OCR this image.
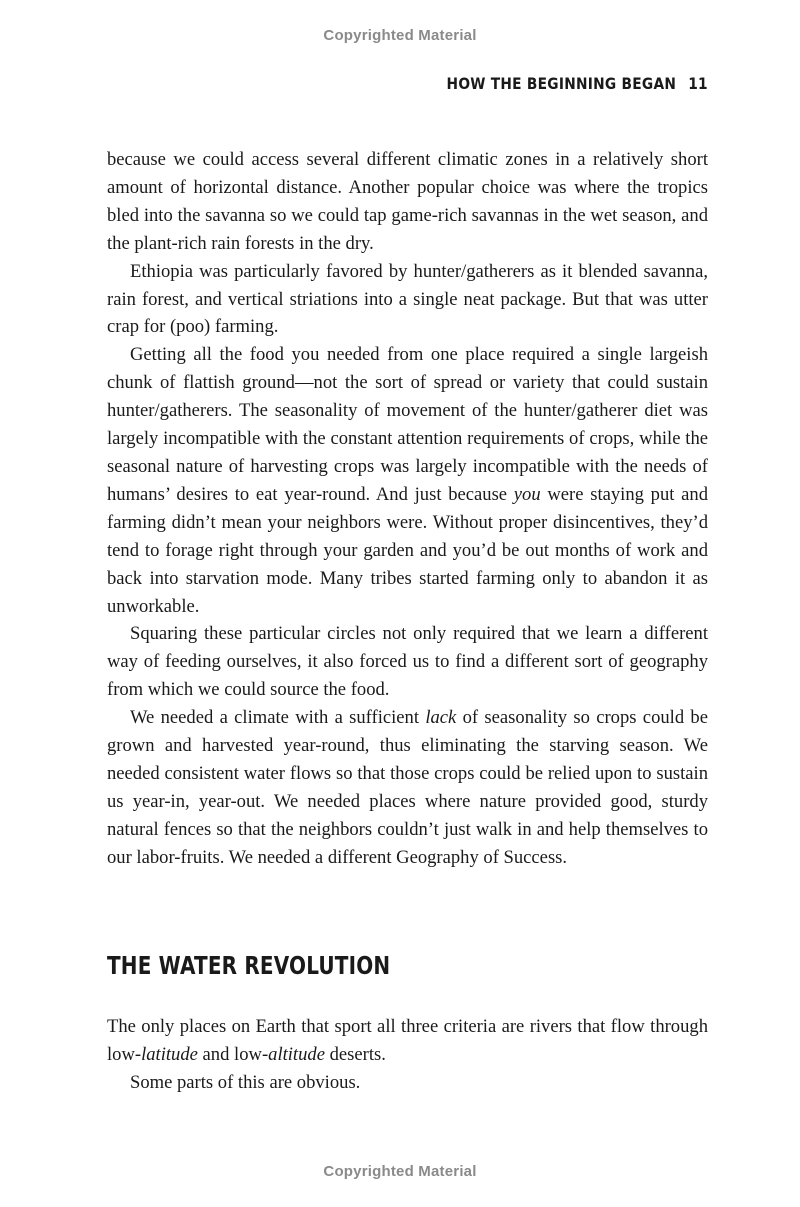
Copyrighted Material
HOW THE BEGINNING BEGAN 11

because we could access several different climatic zones in a relatively short amount of horizontal distance. Another popular choice was where the tropics bled into the savanna so we could tap game-rich savannas in the wet season, and the plant-rich rain forests in the dry.

Ethiopia was particularly favored by hunter/gatherers as it blended savanna, rain forest, and vertical striations into a single neat package. But that was utter crap for (poo) farming.

Getting all the food you needed from one place required a single largeish chunk of flattish ground—not the sort of spread or variety that could sustain hunter/gatherers. The seasonality of movement of the hunter/gatherer diet was largely incompatible with the constant attention requirements of crops, while the seasonal nature of harvesting crops was largely incompatible with the needs of humans’ desires to eat year-round. And just because you were staying put and farming didn’t mean your neighbors were. Without proper disincentives, they’d tend to forage right through your garden and you’d be out months of work and back into starvation mode. Many tribes started farming only to abandon it as unworkable.

Squaring these particular circles not only required that we learn a different way of feeding ourselves, it also forced us to find a different sort of geography from which we could source the food.

We needed a climate with a sufficient lack of seasonality so crops could be grown and harvested year-round, thus eliminating the starving season. We needed consistent water flows so that those crops could be relied upon to sustain us year-in, year-out. We needed places where nature provided good, sturdy natural fences so that the neighbors couldn’t just walk in and help themselves to our labor-fruits. We needed a different Geography of Success.

THE WATER REVOLUTION

The only places on Earth that sport all three criteria are rivers that flow through low-latitude and low-altitude deserts.

Some parts of this are obvious.

Copyrighted Material
